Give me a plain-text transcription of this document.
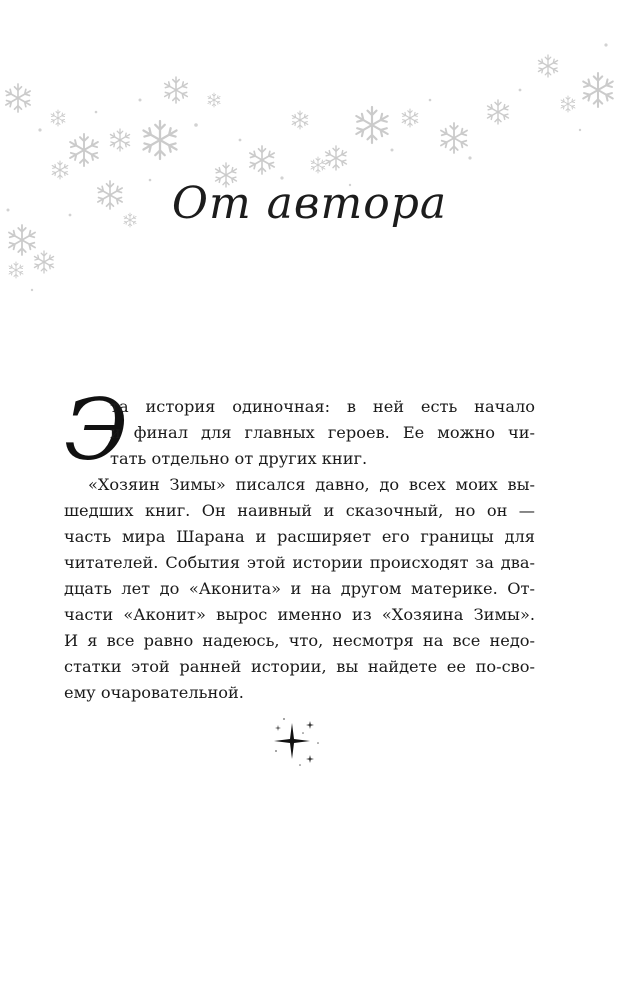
От автора
Э
та история одиночная: в ней есть начало
и финал для главных героев. Ее можно чи-
тать отдельно от других книг.
«Хозяин Зимы» писался давно, до всех моих вы-
шедших книг. Он наивный и сказочный, но он —
часть мира Шарана и расширяет его границы для
читателей. События этой истории происходят за два-
дцать лет до «Аконита» и на другом материке. От-
части «Аконит» вырос именно из «Хозяина Зимы».
И я все равно надеюсь, что, несмотря на все недо-
статки этой ранней истории, вы найдете ее по-сво-
ему очаровательной.
